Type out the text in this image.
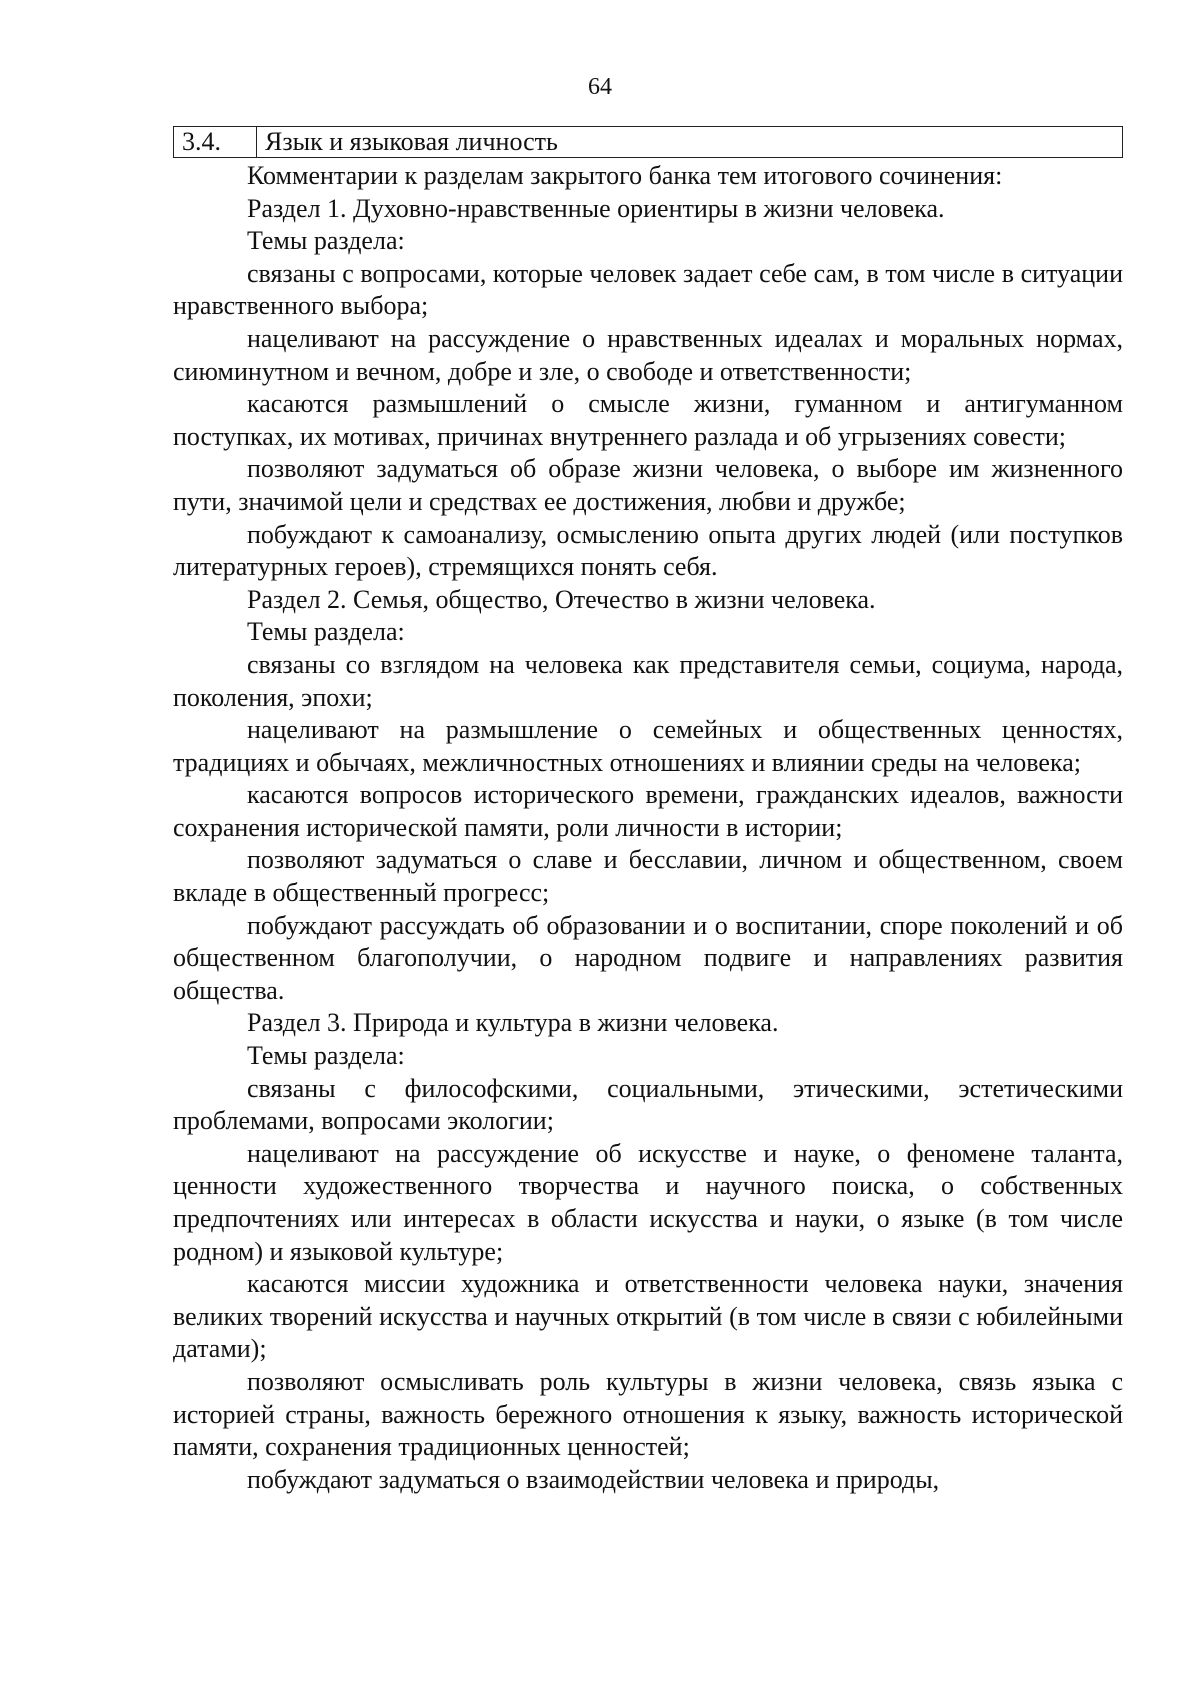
64
3.4.	Язык и языковая личность

Комментарии к разделам закрытого банка тем итогового сочинения:

Раздел 1. Духовно-нравственные ориентиры в жизни человека.

Темы раздела:

связаны с вопросами, которые человек задает себе сам, в том числе в ситуации нравственного выбора;

нацеливают на рассуждение о нравственных идеалах и моральных нормах, сиюминутном и вечном, добре и зле, о свободе и ответственности;

касаются размышлений о смысле жизни, гуманном и антигуманном поступках, их мотивах, причинах внутреннего разлада и об угрызениях совести;

позволяют задуматься об образе жизни человека, о выборе им жизненного пути, значимой цели и средствах ее достижения, любви и дружбе;

побуждают к самоанализу, осмыслению опыта других людей (или поступков литературных героев), стремящихся понять себя.

Раздел 2. Семья, общество, Отечество в жизни человека.

Темы раздела:

связаны со взглядом на человека как представителя семьи, социума, народа, поколения, эпохи;

нацеливают на размышление о семейных и общественных ценностях, традициях и обычаях, межличностных отношениях и влиянии среды на человека;

касаются вопросов исторического времени, гражданских идеалов, важности сохранения исторической памяти, роли личности в истории;

позволяют задуматься о славе и бесславии, личном и общественном, своем вкладе в общественный прогресс;

побуждают рассуждать об образовании и о воспитании, споре поколений и об общественном благополучии, о народном подвиге и направлениях развития общества.

Раздел 3. Природа и культура в жизни человека.

Темы раздела:

связаны с философскими, социальными, этическими, эстетическими проблемами, вопросами экологии;

нацеливают на рассуждение об искусстве и науке, о феномене таланта, ценности художественного творчества и научного поиска, о собственных предпочтениях или интересах в области искусства и науки, о языке (в том числе родном) и языковой культуре;

касаются миссии художника и ответственности человека науки, значения великих творений искусства и научных открытий (в том числе в связи с юбилейными датами);

позволяют осмысливать роль культуры в жизни человека, связь языка с историей страны, важность бережного отношения к языку, важность исторической памяти, сохранения традиционных ценностей;

побуждают задуматься о взаимодействии человека и природы,
